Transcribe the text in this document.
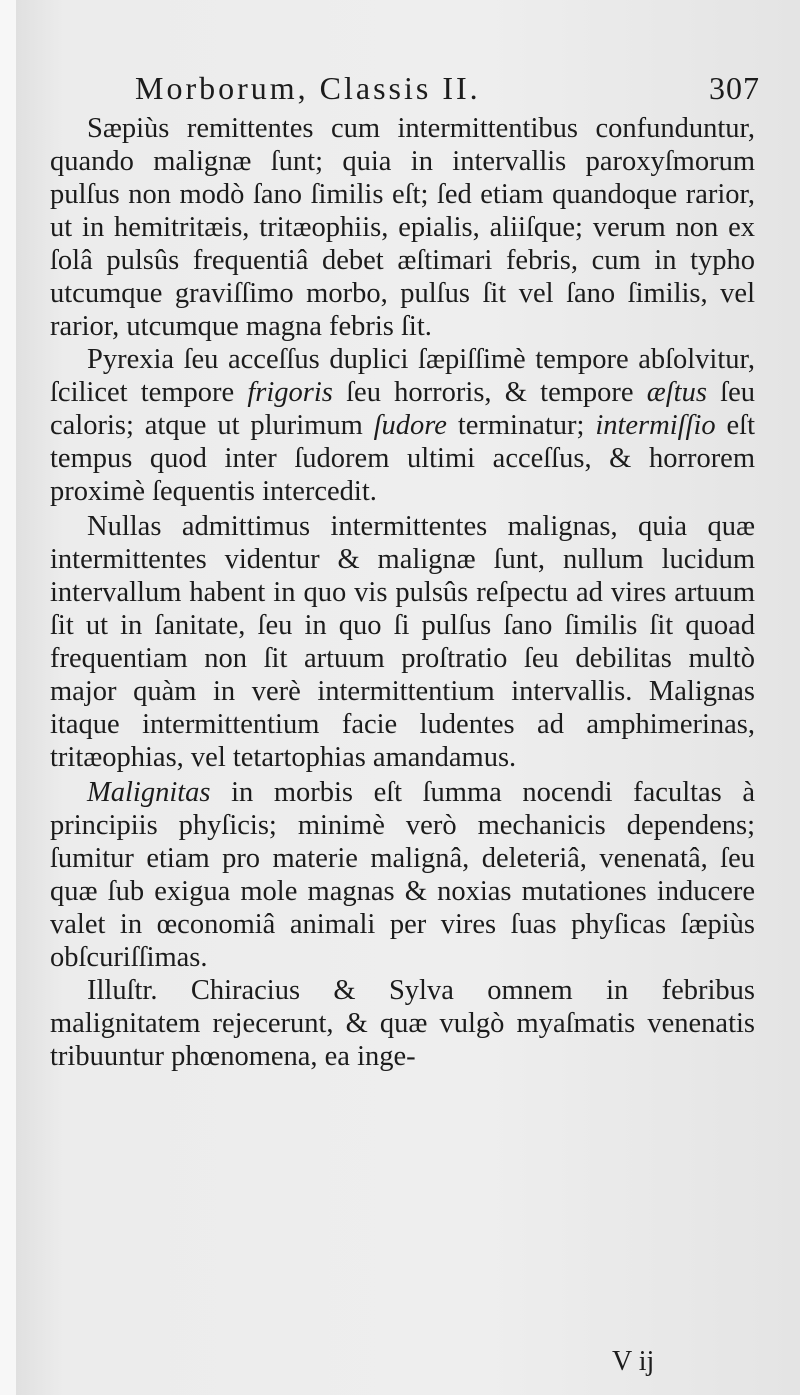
Morborum, Classis II.	307

Sæpiùs remittentes cum intermittentibus confunduntur, quando malignæ ſunt; quia in intervallis paroxyſmorum pulſus non modò ſano ſimilis eſt; ſed etiam quandoque rarior, ut in hemitritæis, tritæophiis, epialis, aliiſque; verum non ex ſolâ pulsûs frequentiâ debet æſtimari febris, cum in typho utcumque graviſſimo morbo, pulſus ſit vel ſano ſimilis, vel rarior, utcumque magna febris ſit.

Pyrexia ſeu acceſſus duplici ſæpiſſimè tempore abſolvitur, ſcilicet tempore frigoris ſeu horroris, & tempore æſtus ſeu caloris; atque ut plurimum ſudore terminatur; intermiſſio eſt tempus quod inter ſudorem ultimi acceſſus, & horrorem proximè ſequentis intercedit.

Nullas admittimus intermittentes malignas, quia quæ intermittentes videntur & malignæ ſunt, nullum lucidum intervallum habent in quo vis pulsûs reſpectu ad vires artuum ſit ut in ſanitate, ſeu in quo ſi pulſus ſano ſimilis ſit quoad frequentiam non ſit artuum proſtratio ſeu debilitas multò major quàm in verè intermittentium intervallis. Malignas itaque intermittentium facie ludentes ad amphimerinas, tritæophias, vel tetartophias amandamus.

Malignitas in morbis eſt ſumma nocendi facultas à principiis phyſicis; minimè verò mechanicis dependens; ſumitur etiam pro materie malignâ, deleteriâ, venenatâ, ſeu quæ ſub exigua mole magnas & noxias mutationes inducere valet in œconomiâ animali per vires ſuas phyſicas ſæpiùs obſcuriſſimas.

Illuſtr. Chiracius & Sylva omnem in febribus malignitatem rejecerunt, & quæ vulgò myaſmatis venenatis tribuuntur phœnomena, ea inge-

V ij
